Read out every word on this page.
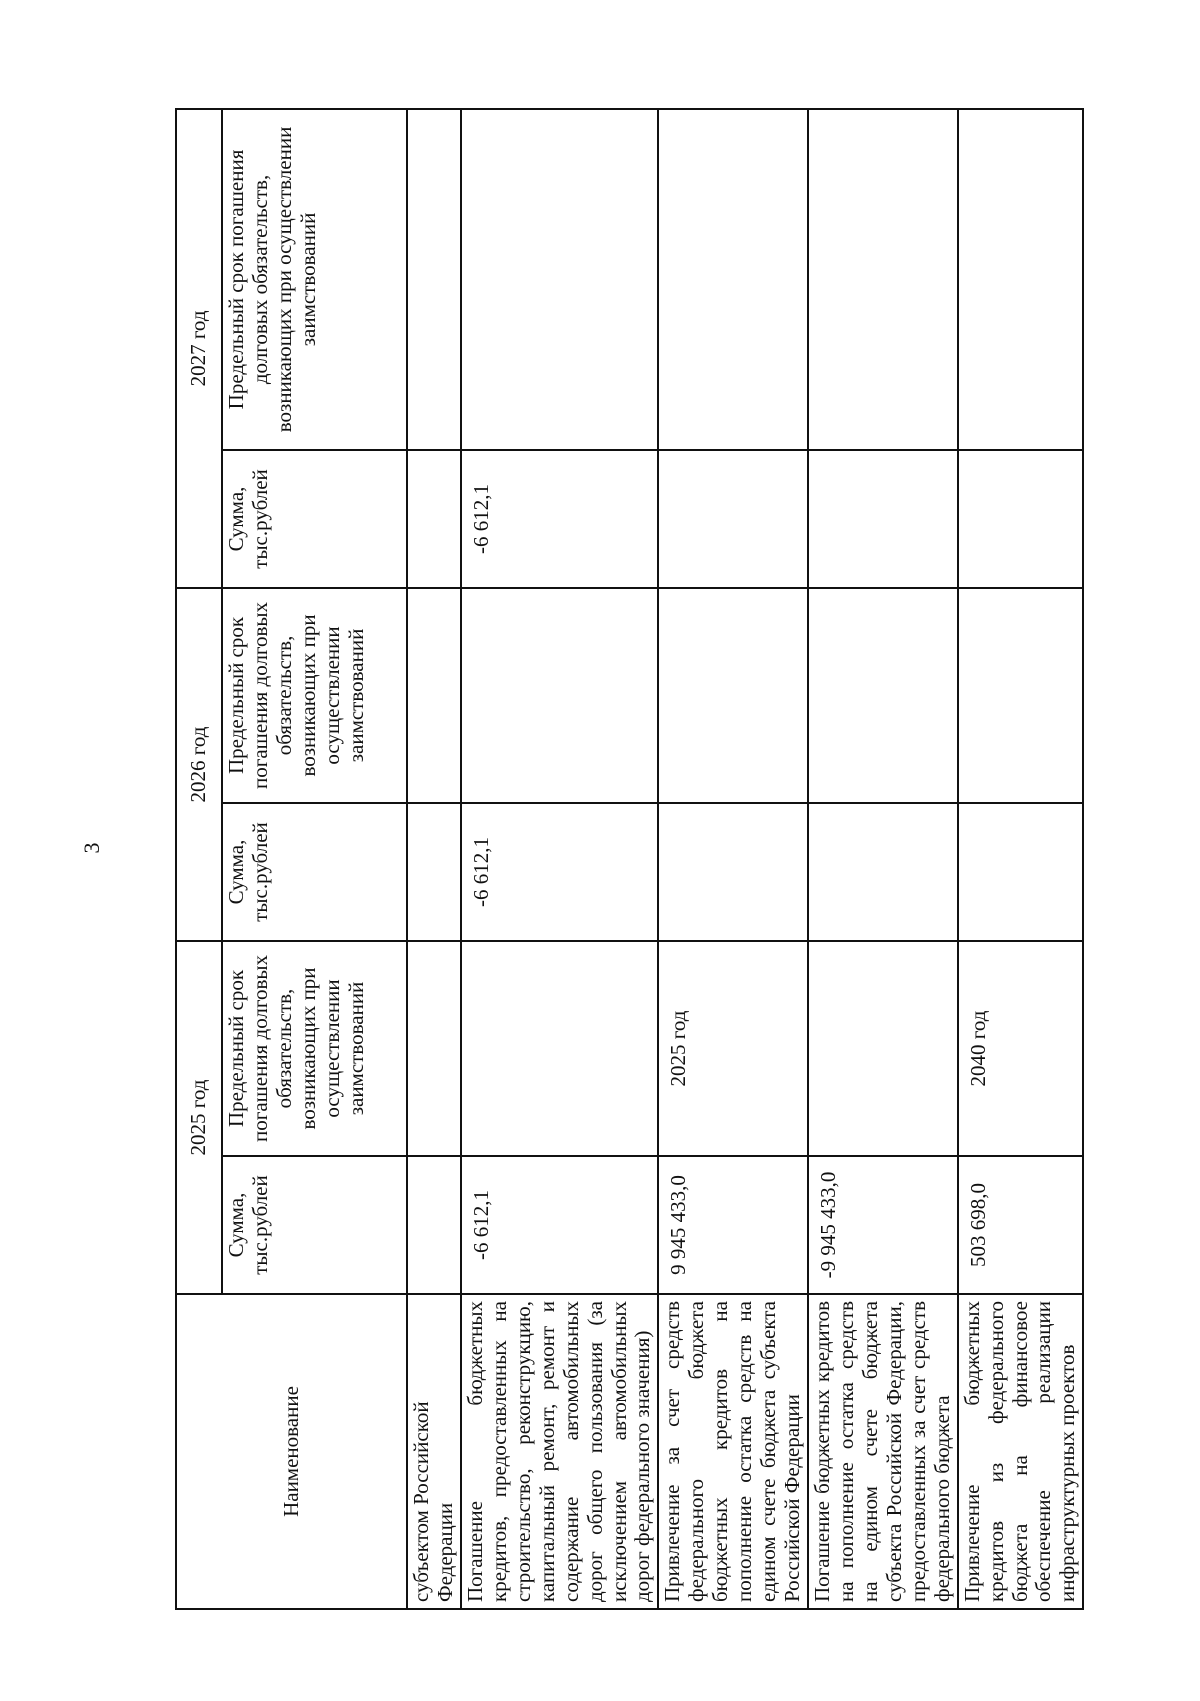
3
Наименование	2025 год		2026 год		2027 год	
	Сумма, тыс.рублей	Предельный срок погашения долговых обязательств, возникающих при осуществлении заимствований	Сумма, тыс.рублей	Предельный срок погашения долговых обязательств, возникающих при осуществлении заимствований	Сумма, тыс.рублей	Предельный срок погашения долговых обязательств, возникающих при осуществлении заимствований
субъектом Российской Федерации						
Погашение бюджетных кредитов, предоставленных на строительство, реконструкцию, капитальный ремонт, ремонт и содержание автомобильных дорог общего пользования (за исключением автомобильных дорог федерального значения)	-6 612,1		-6 612,1		-6 612,1	
Привлечение за счет средств федерального бюджета бюджетных кредитов на пополнение остатка средств на едином счете бюджета субъекта Российской Федерации	9 945 433,0	2025 год				
Погашение бюджетных кредитов на пополнение остатка средств на едином счете бюджета субъекта Российской Федерации, предоставленных за счет средств федерального бюджета	-9 945 433,0					
Привлечение бюджетных кредитов из федерального бюджета на финансовое обеспечение реализации инфраструктурных проектов	503 698,0	2040 год				
